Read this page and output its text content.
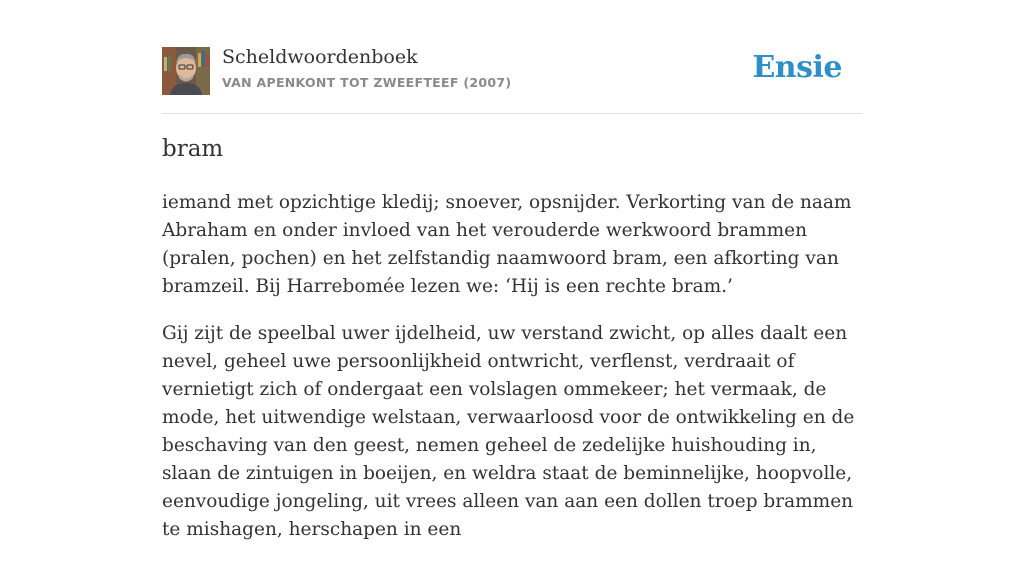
Scheldwoordenboek
VAN APENKONT TOT ZWEEFTEEF (2007)	Ensie
bram

iemand met opzichtige kledij; snoever, opsnijder. Verkorting van de naam Abraham en onder invloed van het verouderde werkwoord brammen (pralen, pochen) en het zelfstandig naamwoord bram, een afkorting van bramzeil. Bij Harrebomée lezen we: ‘Hij is een rechte bram.’

Gij zijt de speelbal uwer ijdelheid, uw verstand zwicht, op alles daalt een nevel, geheel uwe persoonlijkheid ontwricht, verflenst, verdraait of vernietigt zich of ondergaat een volslagen ommekeer; het vermaak, de mode, het uitwendige welstaan, verwaarloosd voor de ontwikkeling en de beschaving van den geest, nemen geheel de zedelijke huishouding in, slaan de zintuigen in boeijen, en weldra staat de beminnelijke, hoopvolle, eenvoudige jongeling, uit vrees alleen van aan een dollen troep brammen te mishagen, herschapen in een
